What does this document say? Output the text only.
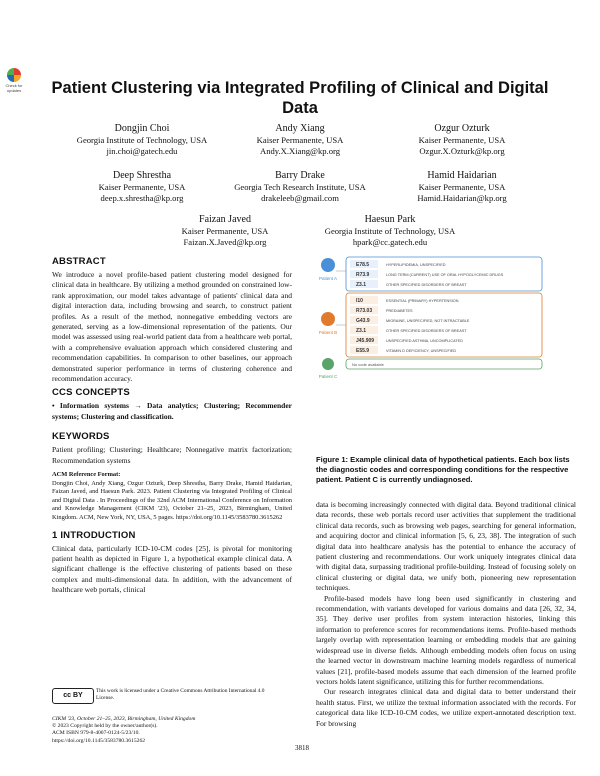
Check for updates	Patient Clustering via Integrated Profiling of Clinical and Digital Data
Dongjin Choi
Georgia Institute of Technology, USA
jin.choi@gatech.edu
Andy Xiang
Kaiser Permanente, USA
Andy.X.Xiang@kp.org
Ozgur Ozturk
Kaiser Permanente, USA
Ozgur.X.Ozturk@kp.org
Deep Shrestha
Kaiser Permanente, USA
deep.x.shrestha@kp.org
Barry Drake
Georgia Tech Research Institute, USA
drakeleeb@gmail.com
Hamid Haidarian
Kaiser Permanente, USA
Hamid.Haidarian@kp.org
Faizan Javed
Kaiser Permanente, USA
Faizan.X.Javed@kp.org
Haesun Park
Georgia Institute of Technology, USA
hpark@cc.gatech.edu
ABSTRACT
We introduce a novel profile-based patient clustering model designed for clinical data in healthcare. By utilizing a method grounded on constrained low-rank approximation, our model takes advantage of patients' clinical data and digital interaction data, including browsing and search, to construct patient profiles. As a result of the method, nonnegative embedding vectors are generated, serving as a low-dimensional representation of the patients. Our model was assessed using real-world patient data from a healthcare web portal, with a comprehensive evaluation approach which considered clustering and recommendation capabilities. In comparison to other baselines, our approach demonstrated superior performance in terms of clustering coherence and recommendation accuracy.
CCS CONCEPTS
• Information systems → Data analytics; Clustering; Recommender systems; Clustering and classification.
KEYWORDS
Patient profiling; Clustering; Healthcare; Nonnegative matrix factorization; Recommendation systems
ACM Reference Format:
Dongjin Choi, Andy Xiang, Ozgur Ozturk, Deep Shrestha, Barry Drake, Hamid Haidarian, Faizan Javed, and Haesun Park. 2023. Patient Clustering via Integrated Profiling of Clinical and Digital Data . In Proceedings of the 32nd ACM International Conference on Information and Knowledge Management (CIKM '23), October 21–25, 2023, Birmingham, United Kingdom. ACM, New York, NY, USA, 5 pages. https://doi.org/10.1145/3583780.3615262
1 INTRODUCTION
Clinical data, particularly ICD-10-CM codes [25], is pivotal for monitoring patient health as depicted in Figure 1, a hypothetical example clinical data. A significant challenge is the effective clustering of patients based on these complex and multi-dimensional data. In addition, with the advancement of healthcare web portals, clinical
cc BY
This work is licensed under a Creative Commons Attribution International 4.0 License.
CIKM '23, October 21–25, 2023, Birmingham, United Kingdom
© 2023 Copyright held by the owner/author(s).
ACM ISBN 979-8-4007-0124-5/23/10.
https://doi.org/10.1145/3583780.3615262
Patient A
E78.5	HYPERLIPIDEMIA, UNSPECIFIED
R73.9	LONG TERM (CURRENT) USE OF ORAL HYPOGLYCEMIC DRUGS
Z3.1	OTHER SPECIFIED DISORDERS OF BREAST
Patient B
I10	ESSENTIAL (PRIMARY) HYPERTENSION
R73.03	PREDIABETES
G43.9	MIGRAINE, UNSPECIFIED, NOT INTRACTABLE
Z3.1	OTHER SPECIFIED DISORDERS OF BREAST
J45.909	UNSPECIFIED ASTHMA, UNCOMPLICATED
E55.9	VITAMIN D DEFICIENCY, UNSPECIFIED
Patient C
No code available
Figure 1: Example clinical data of hypothetical patients. Each box lists the diagnostic codes and corresponding conditions for the respective patient. Patient C is currently undiagnosed.

data is becoming increasingly connected with digital data. Beyond traditional clinical data records, these web portals record user activities that supplement the traditional clinical data records, such as browsing web pages, searching for general information, and acquiring doctor and clinical information [5, 6, 23, 38]. The integration of such digital data into healthcare analysis has the potential to enhance the accuracy of patient clustering and recommendations. Our work uniquely integrates clinical data with digital data, surpassing traditional profile-building. Instead of focusing solely on clinical clustering or digital data, we unify both, pioneering new representation techniques.

Profile-based models have long been used significantly in clustering and recommendation, with variants developed for various domains and data [26, 32, 34, 35]. They derive user profiles from system interaction histories, linking this information to preference scores for recommendations items. Profile-based methods largely overlap with representation learning or embedding models that are gaining widespread use in diverse fields. Although embedding models often focus on using the learned vector in downstream machine learning models regardless of numerical values [21], profile-based models assume that each dimension of the learned profile vectors holds latent significance, utilizing this for further recommendations.

Our research integrates clinical data and digital data to better understand their health status. First, we utilize the textual information associated with the records. For categorical data like ICD-10-CM codes, we utilize expert-annotated description text. For browsing

3818
